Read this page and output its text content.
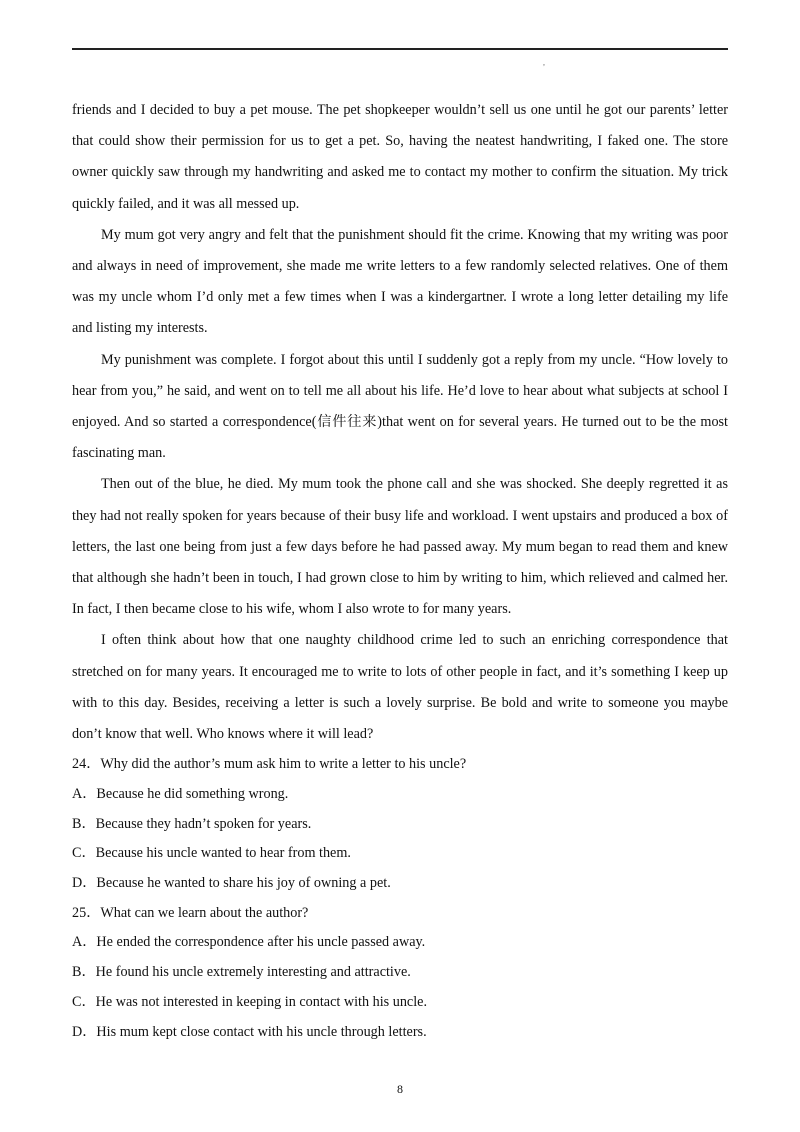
,

friends and I decided to buy a pet mouse. The pet shopkeeper wouldn’t sell us one until he got our parents’ letter that could show their permission for us to get a pet. So, having the neatest handwriting, I faked one. The store owner quickly saw through my handwriting and asked me to contact my mother to confirm the situation. My trick quickly failed, and it was all messed up.

My mum got very angry and felt that the punishment should fit the crime. Knowing that my writing was poor and always in need of improvement, she made me write letters to a few randomly selected relatives. One of them was my uncle whom I’d only met a few times when I was a kindergartner. I wrote a long letter detailing my life and listing my interests.

My punishment was complete. I forgot about this until I suddenly got a reply from my uncle. “How lovely to hear from you,” he said, and went on to tell me all about his life. He’d love to hear about what subjects at school I enjoyed. And so started a correspondence(信件往来)that went on for several years. He turned out to be the most fascinating man.

Then out of the blue, he died. My mum took the phone call and she was shocked. She deeply regretted it as they had not really spoken for years because of their busy life and workload. I went upstairs and produced a box of letters, the last one being from just a few days before he had passed away. My mum began to read them and knew that although she hadn’t been in touch, I had grown close to him by writing to him, which relieved and calmed her. In fact, I then became close to his wife, whom I also wrote to for many years.

I often think about how that one naughty childhood crime led to such an enriching correspondence that stretched on for many years. It encouraged me to write to lots of other people in fact, and it’s something I keep up with to this day. Besides, receiving a letter is such a lovely surprise. Be bold and write to someone you maybe don’t know that well. Who knows where it will lead?

24．Why did the author’s mum ask him to write a letter to his uncle?

A．Because he did something wrong.

B．Because they hadn’t spoken for years.

C．Because his uncle wanted to hear from them.

D．Because he wanted to share his joy of owning a pet.

25．What can we learn about the author?

A．He ended the correspondence after his uncle passed away.

B．He found his uncle extremely interesting and attractive.

C．He was not interested in keeping in contact with his uncle.

D．His mum kept close contact with his uncle through letters.

8
